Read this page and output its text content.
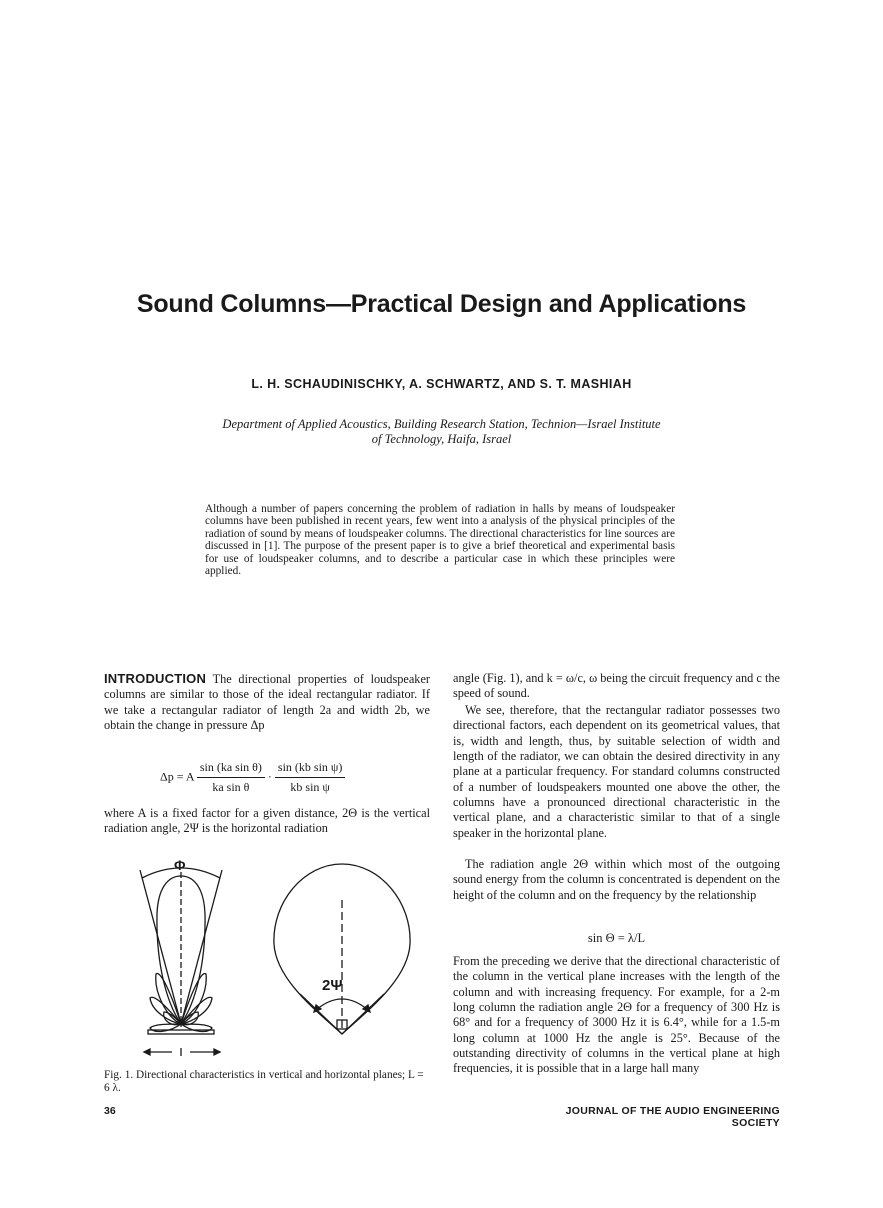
Sound Columns—Practical Design and Applications
L. H. SCHAUDINISCHKY, A. SCHWARTZ, AND S. T. MASHIAH
Department of Applied Acoustics, Building Research Station, Technion—Israel Institute
of Technology, Haifa, Israel
Although a number of papers concerning the problem of radiation in halls by means of loudspeaker columns have been published in recent years, few went into a analysis of the physical principles of the radiation of sound by means of loudspeaker columns. The directional characteristics for line sources are discussed in [1]. The purpose of the present paper is to give a brief theoretical and experimental basis for use of loudspeaker columns, and to describe a particular case in which these principles were applied.
INTRODUCTION The directional properties of loudspeaker columns are similar to those of the ideal rectangular radiator. If we take a rectangular radiator of length 2a and width 2b, we obtain the change in pressure Δp
Δp = A $\frac{\text{sin (ka sin θ)}}{\text{ka sin θ}} \cdot \frac{\text{sin (kb sin ψ)}}{\text{kb sin ψ}}$
where A is a fixed factor for a given distance, 2Θ is the vertical radiation angle, 2Ψ is the horizontal radiation
Φ
2Ψ
Fig. 1. Directional characteristics in vertical and horizontal planes; L = 6 λ.
angle (Fig. 1), and k = ω/c, ω being the circuit frequency and c the speed of sound.
We see, therefore, that the rectangular radiator possesses two directional factors, each dependent on its geometrical values, that is, width and length, thus, by suitable selection of width and length of the radiator, we can obtain the desired directivity in any plane at a particular frequency. For standard columns constructed of a number of loudspeakers mounted one above the other, the columns have a pronounced directional characteristic in the vertical plane, and a characteristic similar to that of a single speaker in the horizontal plane.
The radiation angle 2Θ within which most of the outgoing sound energy from the column is concentrated is dependent on the height of the column and on the frequency by the relationship
sin Θ = λ/L
From the preceding we derive that the directional characteristic of the column in the vertical plane increases with the length of the column and with increasing frequency. For example, for a 2-m long column the radiation angle 2Θ for a frequency of 300 Hz is 68° and for a frequency of 3000 Hz it is 6.4°, while for a 1.5-m long column at 1000 Hz the angle is 25°. Because of the outstanding directivity of columns in the vertical plane at high frequencies, it is possible that in a large hall many
36	JOURNAL OF THE AUDIO ENGINEERING SOCIETY
